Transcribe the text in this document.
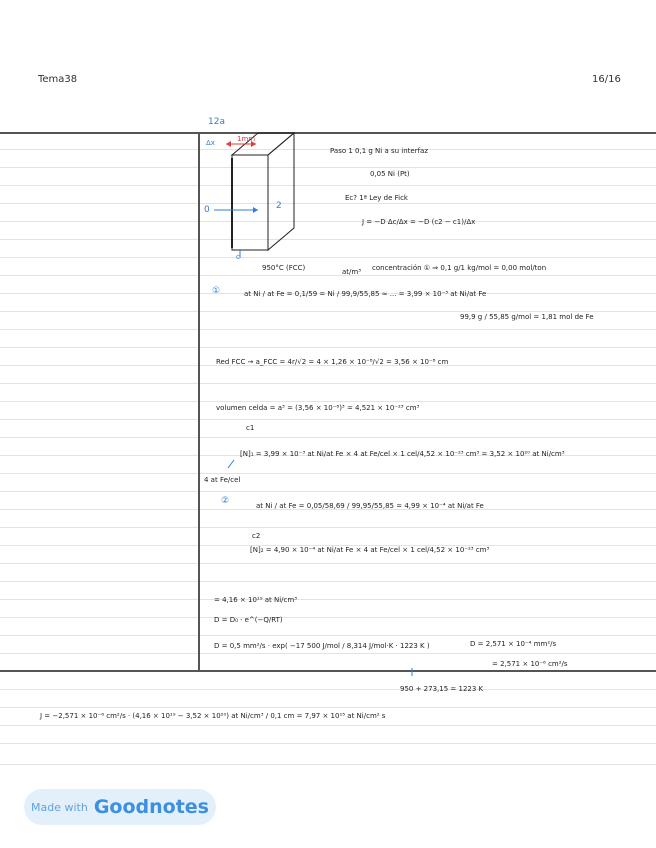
Tema38	16/16
12a
Δx	1mm
0	2
c
Paso 1 0,1 g Ni a su interfaz
0,05 Ni (Pt)
Ec? 1ª Ley de Fick
J = −D Δc/Δx = −D (c2 − c1)/Δx
950°C (FCC)	concentración ① ⇒ 0,1 g/1 kg/mol = 0,00 mol/ton
at/m³
①	at Ni / at Fe = 0,1/59 = Ni / 99,9/55,85 ≈ ... = 3,99 × 10⁻³ at Ni/at Fe
99,9 g / 55,85 g/mol = 1,81 mol de Fe
Red FCC → a_FCC = 4r/√2 = 4 × 1,26 × 10⁻⁸/√2 = 3,56 × 10⁻⁸ cm
volumen celda = a³ = (3,56 × 10⁻⁸)³ = 4,521 × 10⁻²³ cm³
c1
[N]₁ = 3,99 × 10⁻³ at Ni/at Fe × 4 at Fe/cel × 1 cel/4,52 × 10⁻²³ cm³ = 3,52 × 10²⁰ at Ni/cm³
4 at Fe/cel
②	at Ni / at Fe = 0,05/58,69 / 99,95/55,85 = 4,99 × 10⁻⁴ at Ni/at Fe
c2
[N]₂ = 4,90 × 10⁻⁴ at Ni/at Fe × 4 at Fe/cel × 1 cel/4,52 × 10⁻²³ cm³
= 4,16 × 10¹⁹ at Ni/cm³
D = D₀ · e^(−Q/RT)
D = 0,5 mm²/s · exp( −17 500 J/mol / 8,314 J/mol·K · 1223 K )	D = 2,571 × 10⁻⁴ mm²/s
= 2,571 × 10⁻⁶ cm²/s
950 + 273,15 = 1223 K
J = −2,571 × 10⁻⁶ cm²/s · (4,16 × 10¹⁹ − 3,52 × 10²⁰) at Ni/cm³ / 0,1 cm = 7,97 × 10¹⁵ at Ni/cm² s
Made with Goodnotes
